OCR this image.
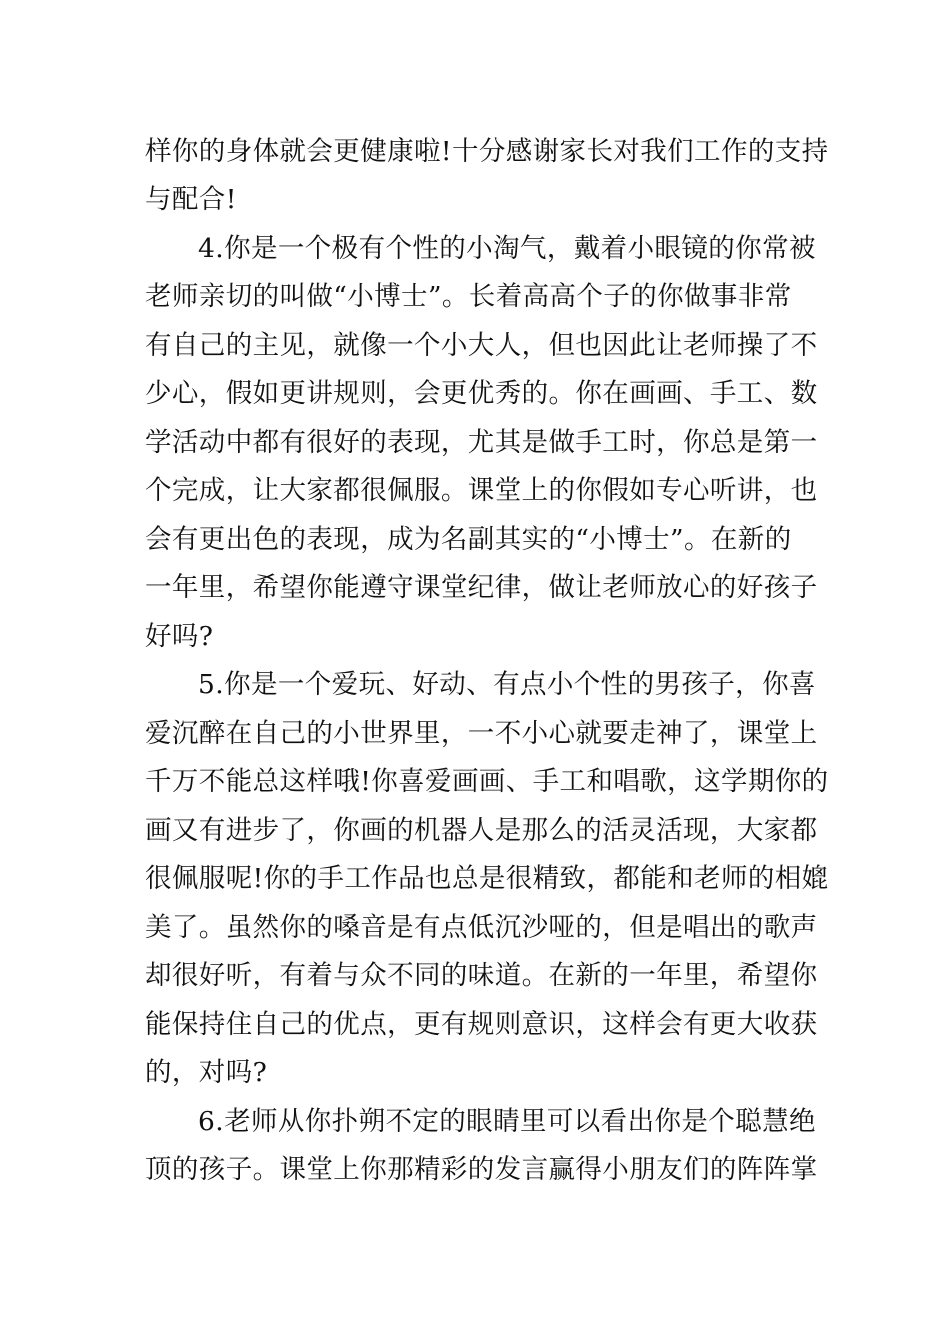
样你的身体就会更健康啦!十分感谢家长对我们工作的支持
与配合!
4.你是一个极有个性的小淘气，戴着小眼镜的你常被
老师亲切的叫做“小博士”。长着高高个子的你做事非常
有自己的主见，就像一个小大人，但也因此让老师操了不
少心，假如更讲规则，会更优秀的。你在画画、手工、数
学活动中都有很好的表现，尤其是做手工时，你总是第一
个完成，让大家都很佩服。课堂上的你假如专心听讲，也
会有更出色的表现，成为名副其实的“小博士”。在新的
一年里，希望你能遵守课堂纪律，做让老师放心的好孩子
好吗?
5.你是一个爱玩、好动、有点小个性的男孩子，你喜
爱沉醉在自己的小世界里，一不小心就要走神了，课堂上
千万不能总这样哦!你喜爱画画、手工和唱歌，这学期你的
画又有进步了，你画的机器人是那么的活灵活现，大家都
很佩服呢!你的手工作品也总是很精致，都能和老师的相媲
美了。虽然你的嗓音是有点低沉沙哑的，但是唱出的歌声
却很好听，有着与众不同的味道。在新的一年里，希望你
能保持住自己的优点，更有规则意识，这样会有更大收获
的，对吗?
6.老师从你扑朔不定的眼睛里可以看出你是个聪慧绝
顶的孩子。课堂上你那精彩的发言赢得小朋友们的阵阵掌
